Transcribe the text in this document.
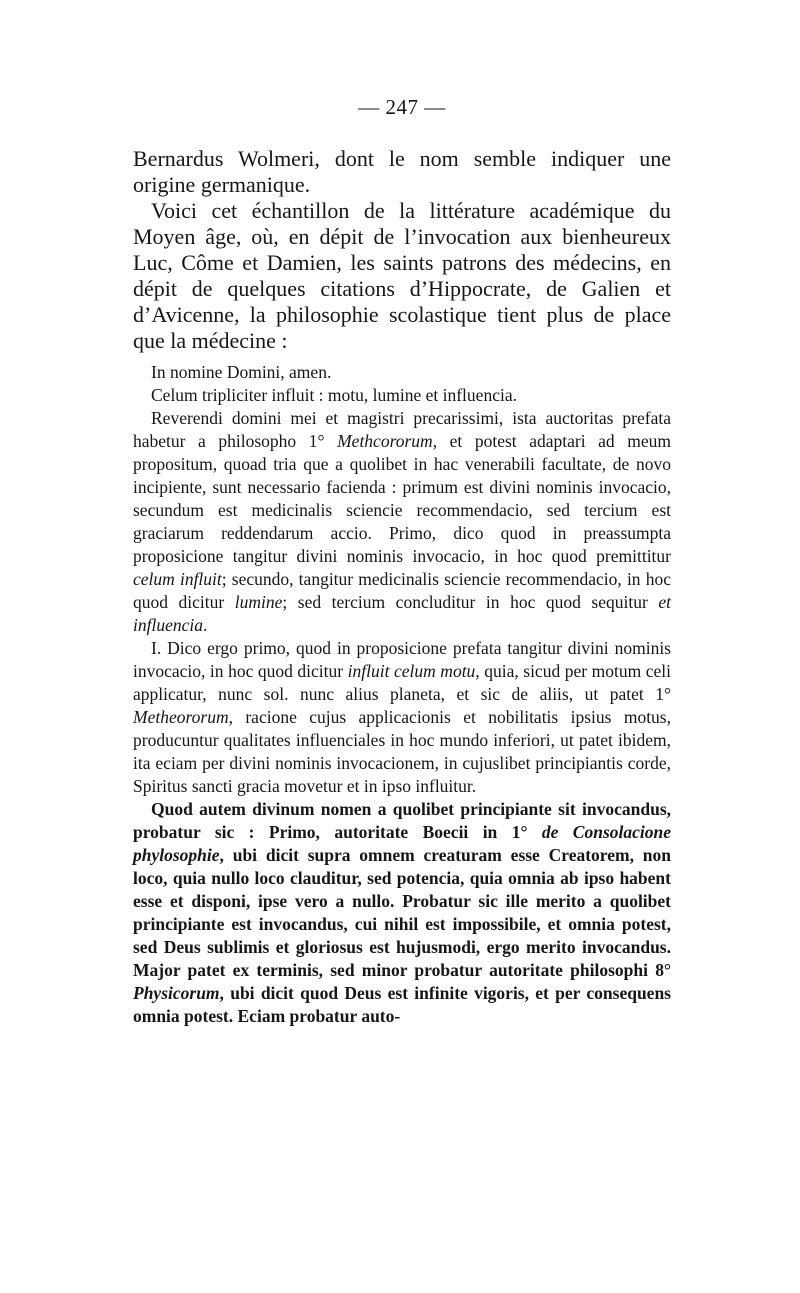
— 247 —

Bernardus Wolmeri, dont le nom semble indiquer une origine germanique.

Voici cet échantillon de la littérature académique du Moyen âge, où, en dépit de l’invocation aux bienheureux Luc, Côme et Damien, les saints patrons des médecins, en dépit de quelques citations d’Hippocrate, de Galien et d’Avicenne, la philosophie scolastique tient plus de place que la médecine :

In nomine Domini, amen.

Celum tripliciter influit : motu, lumine et influencia.

Reverendi domini mei et magistri precarissimi, ista auctoritas prefata habetur a philosopho 1° Methcororum, et potest adaptari ad meum propositum, quoad tria que a quolibet in hac venerabili facultate, de novo incipiente, sunt necessario facienda : primum est divini nominis invocacio, secundum est medicinalis sciencie recommendacio, sed tercium est graciarum reddendarum accio. Primo, dico quod in preassumpta proposicione tangitur divini nominis invocacio, in hoc quod premittitur celum influit; secundo, tangitur medicinalis sciencie recommendacio, in hoc quod dicitur lumine; sed tercium concluditur in hoc quod sequitur et influencia.

I. Dico ergo primo, quod in proposicione prefata tangitur divini nominis invocacio, in hoc quod dicitur influit celum motu, quia, sicud per motum celi applicatur, nunc sol. nunc alius planeta, et sic de aliis, ut patet 1° Metheororum, racione cujus applicacionis et nobilitatis ipsius motus, producuntur qualitates influenciales in hoc mundo inferiori, ut patet ibidem, ita eciam per divini nominis invocacionem, in cujuslibet principiantis corde, Spiritus sancti gracia movetur et in ipso influitur.

Quod autem divinum nomen a quolibet principiante sit invocandus, probatur sic : Primo, autoritate Boecii in 1° de Consolacione phylosophie, ubi dicit supra omnem creaturam esse Creatorem, non loco, quia nullo loco clauditur, sed potencia, quia omnia ab ipso habent esse et disponi, ipse vero a nullo. Probatur sic ille merito a quolibet principiante est invocandus, cui nihil est impossibile, et omnia potest, sed Deus sublimis et gloriosus est hujusmodi, ergo merito invocandus. Major patet ex terminis, sed minor probatur autoritate philosophi 8° Physicorum, ubi dicit quod Deus est infinite vigoris, et per consequens omnia potest. Eciam probatur auto-
